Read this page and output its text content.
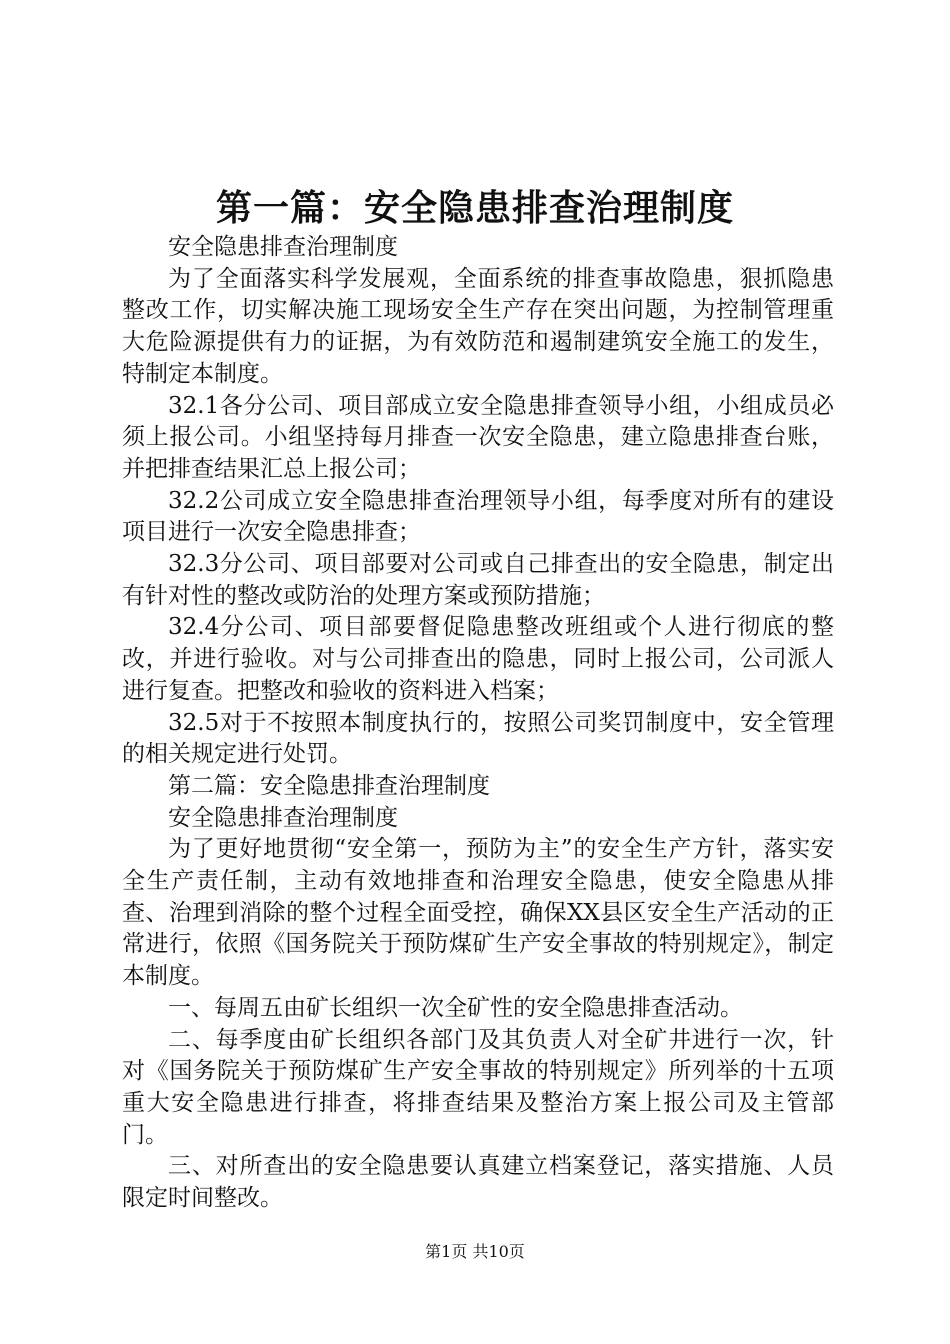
第一篇：安全隐患排查治理制度

安全隐患排查治理制度

为了全面落实科学发展观，全面系统的排查事故隐患，狠抓隐患整改工作，切实解决施工现场安全生产存在突出问题，为控制管理重大危险源提供有力的证据，为有效防范和遏制建筑安全施工的发生，特制定本制度。

32.1各分公司、项目部成立安全隐患排查领导小组，小组成员必须上报公司。小组坚持每月排查一次安全隐患，建立隐患排查台账，并把排查结果汇总上报公司；

32.2公司成立安全隐患排查治理领导小组，每季度对所有的建设项目进行一次安全隐患排查；

32.3分公司、项目部要对公司或自己排查出的安全隐患，制定出有针对性的整改或防治的处理方案或预防措施；

32.4分公司、项目部要督促隐患整改班组或个人进行彻底的整改，并进行验收。对与公司排查出的隐患，同时上报公司，公司派人进行复查。把整改和验收的资料进入档案；

32.5对于不按照本制度执行的，按照公司奖罚制度中，安全管理的相关规定进行处罚。

第二篇：安全隐患排查治理制度

安全隐患排查治理制度

为了更好地贯彻“安全第一，预防为主”的安全生产方针，落实安全生产责任制，主动有效地排查和治理安全隐患，使安全隐患从排查、治理到消除的整个过程全面受控，确保XX县区安全生产活动的正常进行，依照《国务院关于预防煤矿生产安全事故的特别规定》，制定本制度。

一、每周五由矿长组织一次全矿性的安全隐患排查活动。

二、每季度由矿长组织各部门及其负责人对全矿井进行一次，针对《国务院关于预防煤矿生产安全事故的特别规定》所列举的十五项重大安全隐患进行排查，将排查结果及整治方案上报公司及主管部门。

三、对所查出的安全隐患要认真建立档案登记，落实措施、人员限定时间整改。

第1页 共10页
